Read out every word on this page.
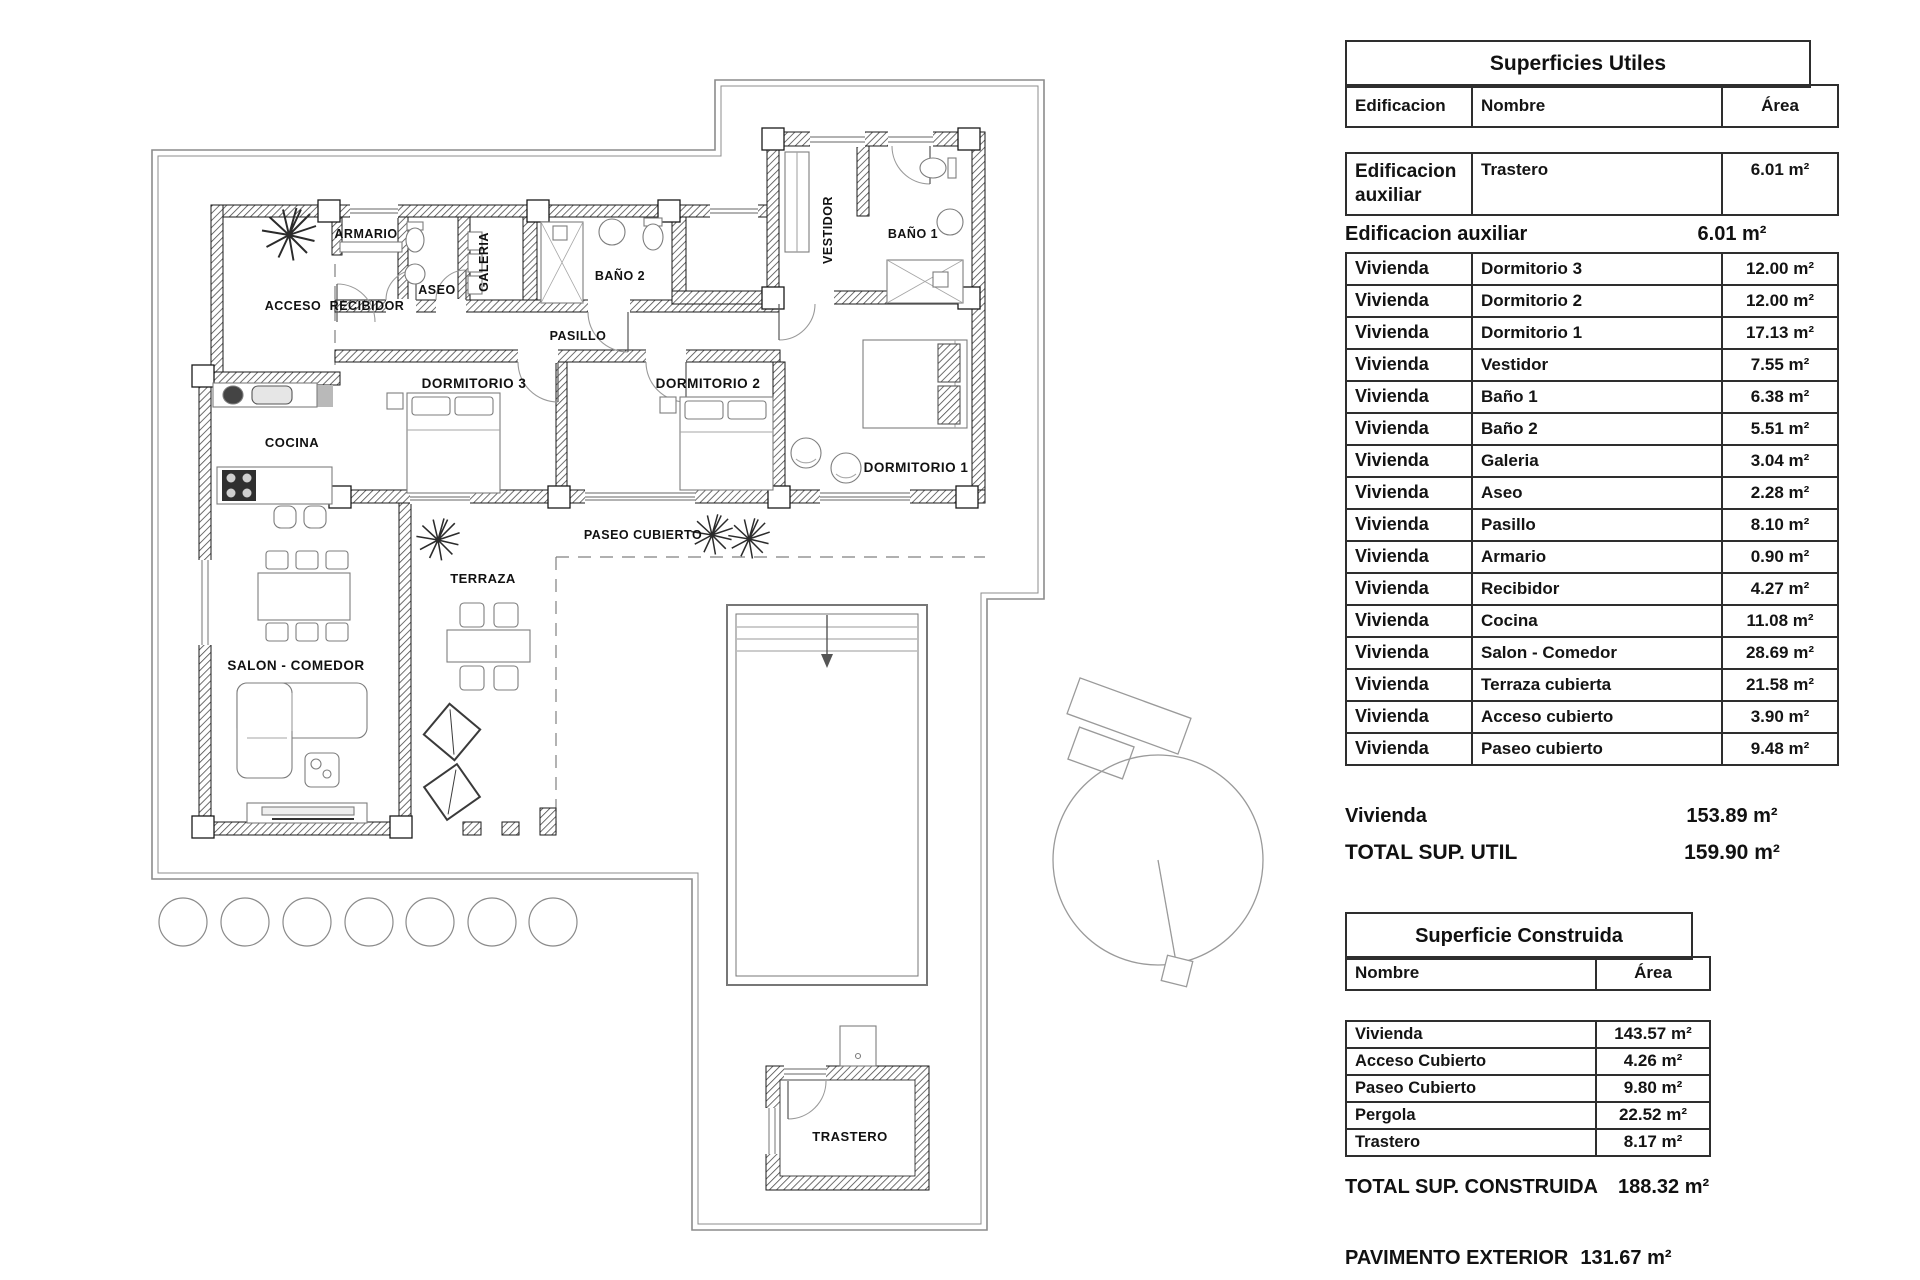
ARMARIO
ACCESO RECIBIDOR
ASEO GALERIA	BAÑO 2
PASILLO
VESTIDOR	BAÑO 1
DORMITORIO 3	DORMITORIO 2
DORMITORIO 1
COCINA
SALON - COMEDOR
TERRAZA
PASEO CUBIERTO
TRASTERO
Superficies Utiles
Edificacion	Nombre	Área
Edificacion auxiliar	Trastero	6.01 m²
Edificacion auxiliar	6.01 m²
Vivienda	Dormitorio 3	12.00 m²
Vivienda	Dormitorio 2	12.00 m²
Vivienda	Dormitorio 1	17.13 m²
Vivienda	Vestidor	7.55 m²
Vivienda	Baño 1	6.38 m²
Vivienda	Baño 2	5.51 m²
Vivienda	Galeria	3.04 m²
Vivienda	Aseo	2.28 m²
Vivienda	Pasillo	8.10 m²
Vivienda	Armario	0.90 m²
Vivienda	Recibidor	4.27 m²
Vivienda	Cocina	11.08 m²
Vivienda	Salon - Comedor	28.69 m²
Vivienda	Terraza cubierta	21.58 m²
Vivienda	Acceso cubierto	3.90 m²
Vivienda	Paseo cubierto	9.48 m²
Vivienda	153.89 m²
TOTAL SUP. UTIL	159.90 m²
Superficie Construida
Nombre	Área
Vivienda	143.57 m²
Acceso Cubierto	4.26 m²
Paseo Cubierto	9.80 m²
Pergola	22.52 m²
Trastero	8.17 m²
TOTAL SUP. CONSTRUIDA 188.32 m²
PAVIMENTO EXTERIOR 131.67 m²
